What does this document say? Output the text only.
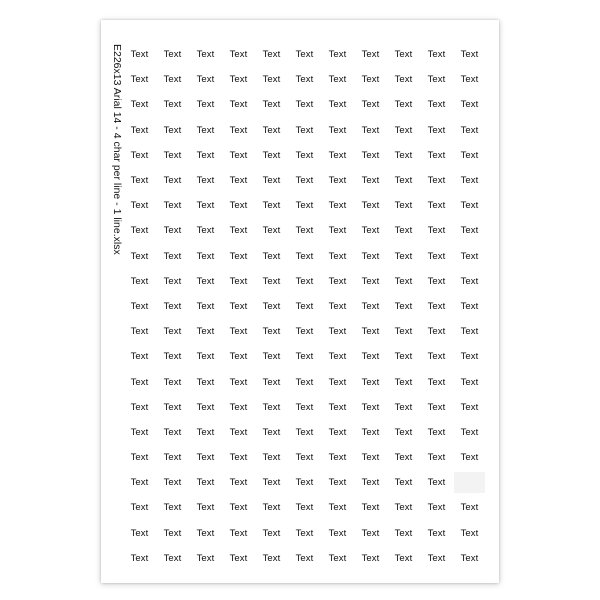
E226x13 Arial 14 - 4 char per line - 1 line.xlsx Text	Text	Text	Text	Text	Text	Text	Text	Text	Text	Text
Text	Text	Text	Text	Text	Text	Text	Text	Text	Text	Text
Text	Text	Text	Text	Text	Text	Text	Text	Text	Text	Text
Text	Text	Text	Text	Text	Text	Text	Text	Text	Text	Text
Text	Text	Text	Text	Text	Text	Text	Text	Text	Text	Text
Text	Text	Text	Text	Text	Text	Text	Text	Text	Text	Text
Text	Text	Text	Text	Text	Text	Text	Text	Text	Text	Text
Text	Text	Text	Text	Text	Text	Text	Text	Text	Text	Text
Text	Text	Text	Text	Text	Text	Text	Text	Text	Text	Text
Text	Text	Text	Text	Text	Text	Text	Text	Text	Text	Text
Text	Text	Text	Text	Text	Text	Text	Text	Text	Text	Text
Text	Text	Text	Text	Text	Text	Text	Text	Text	Text	Text
Text	Text	Text	Text	Text	Text	Text	Text	Text	Text	Text
Text	Text	Text	Text	Text	Text	Text	Text	Text	Text	Text
Text	Text	Text	Text	Text	Text	Text	Text	Text	Text	Text
Text	Text	Text	Text	Text	Text	Text	Text	Text	Text	Text
Text	Text	Text	Text	Text	Text	Text	Text	Text	Text	Text
Text	Text	Text	Text	Text	Text	Text	Text	Text	Text
Text	Text	Text	Text	Text	Text	Text	Text	Text	Text	Text
Text	Text	Text	Text	Text	Text	Text	Text	Text	Text	Text
Text	Text	Text	Text	Text	Text	Text	Text	Text	Text	Text
